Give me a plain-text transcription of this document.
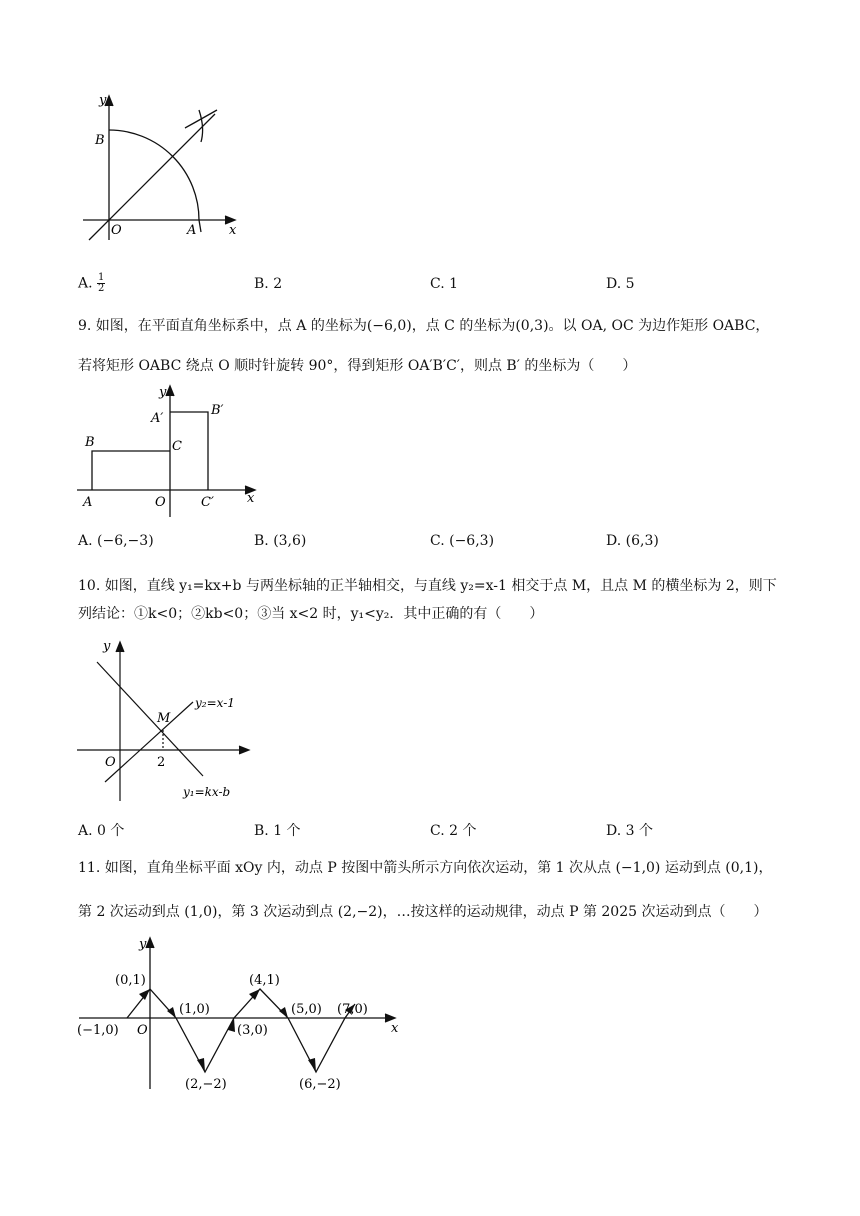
y
x
B
O	A
A. $\frac{1}{2}$	B. 2	C. 1	D. 5
9. 如图，在平面直角坐标系中，点 A 的坐标为(−6,0)，点 C 的坐标为(0,3)。以 OA, OC 为边作矩形 OABC，
若将矩形 OABC 绕点 O 顺时针旋转 90°，得到矩形 OA′B′C′，则点 B′ 的坐标为（　　）
y
x
A′
B′
B	C
A	O	C′
A. (−6,−3)	B. (3,6)	C. (−6,3)	D. (6,3)
10. 如图，直线 y₁=kx+b 与两坐标轴的正半轴相交，与直线 y₂=x-1 相交于点 M，且点 M 的横坐标为 2，则下
列结论：①k<0；②kb<0；③当 x<2 时，y₁<y₂．其中正确的有（　　）
y
M
y₂=x-1
O	2
y₁=kx-b
A. 0 个	B. 1 个	C. 2 个	D. 3 个
11. 如图，直角坐标平面 xOy 内，动点 P 按图中箭头所示方向依次运动，第 1 次从点 (−1,0) 运动到点 (0,1)，
第 2 次运动到点 (1,0)，第 3 次运动到点 (2,−2)，…按这样的运动规律，动点 P 第 2025 次运动到点（　　）
y
x
O
(0,1)
(1,0)
(−1,0)
(2,−2)
(3,0)
(4,1)
(5,0) (7,0)
(6,−2)
